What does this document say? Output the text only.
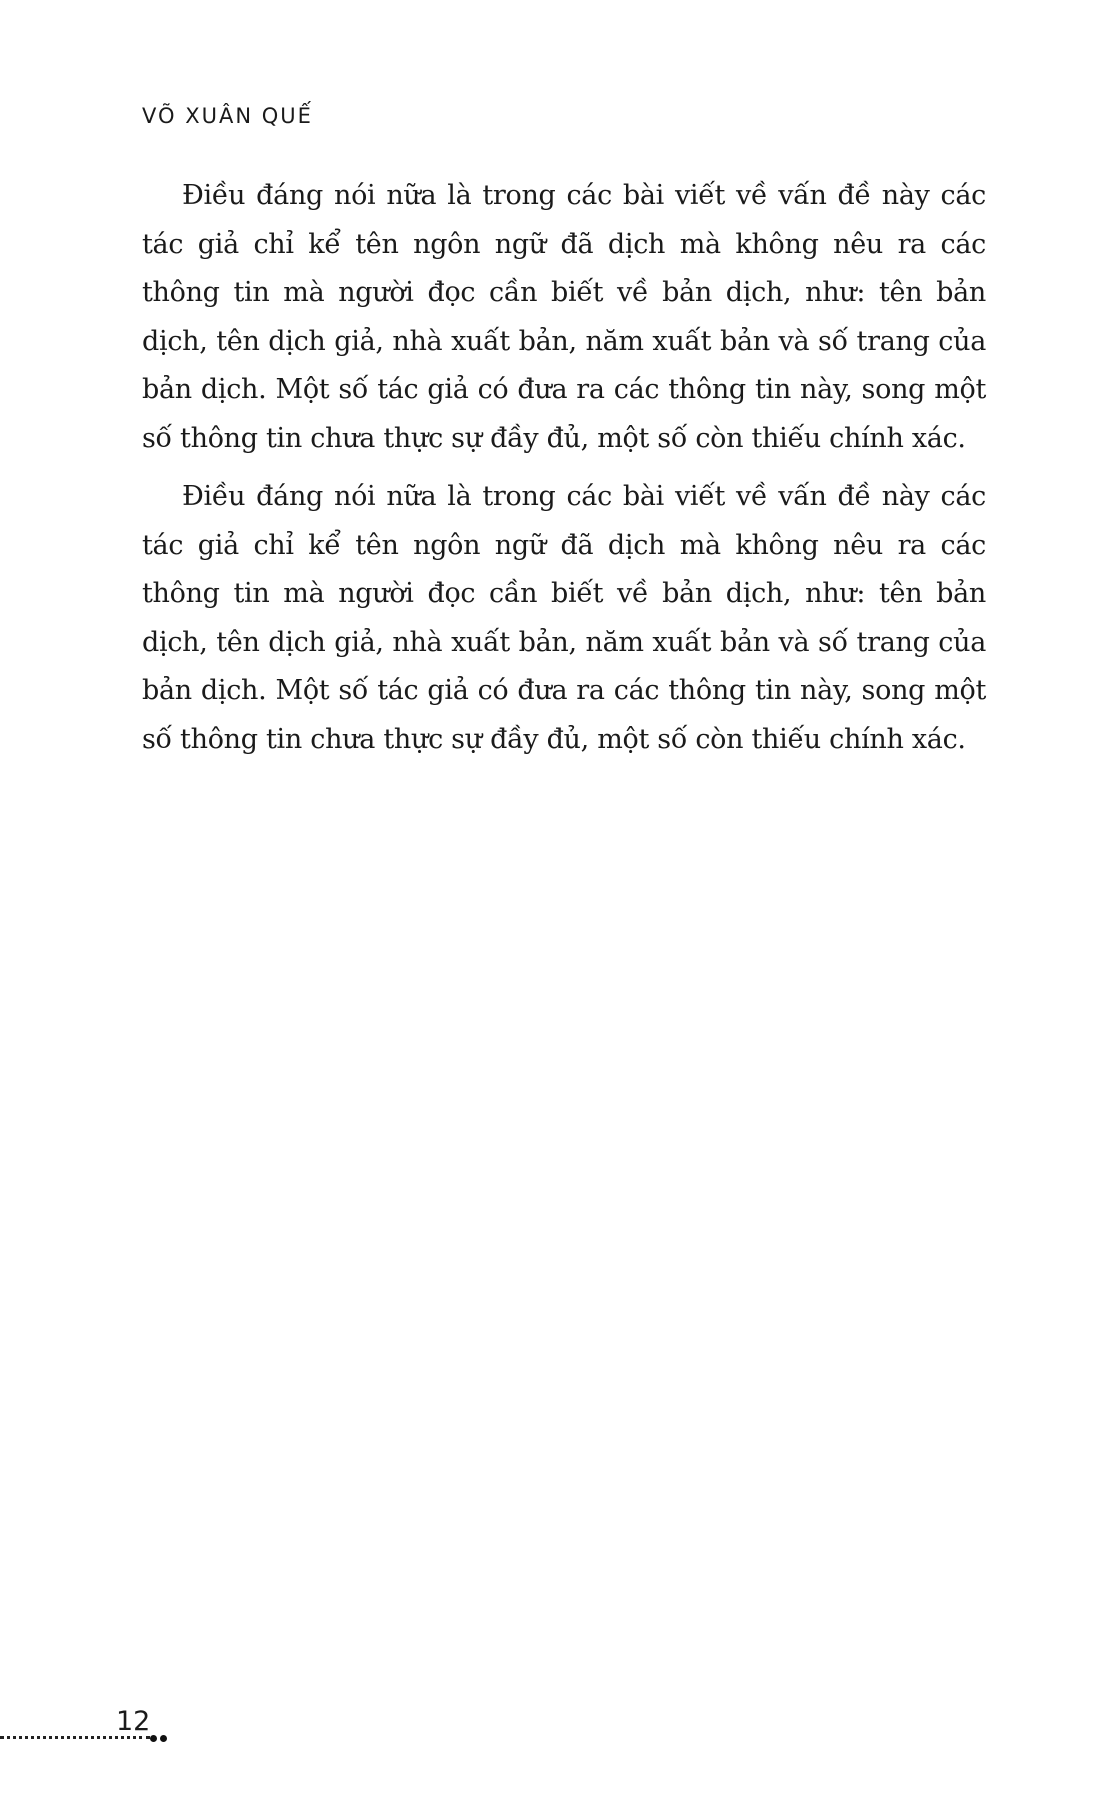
VÕ XUÂN QUẾ

Điều đáng nói nữa là trong các bài viết về vấn đề này các tác giả chỉ kể tên ngôn ngữ đã dịch mà không nêu ra các thông tin mà người đọc cần biết về bản dịch, như: tên bản dịch, tên dịch giả, nhà xuất bản, năm xuất bản và số trang của bản dịch. Một số tác giả có đưa ra các thông tin này, song một số thông tin chưa thực sự đầy đủ, một số còn thiếu chính xác.

Điều đáng nói nữa là trong các bài viết về vấn đề này các tác giả chỉ kể tên ngôn ngữ đã dịch mà không nêu ra các thông tin mà người đọc cần biết về bản dịch, như: tên bản dịch, tên dịch giả, nhà xuất bản, năm xuất bản và số trang của bản dịch. Một số tác giả có đưa ra các thông tin này, song một số thông tin chưa thực sự đầy đủ, một số còn thiếu chính xác.

12
